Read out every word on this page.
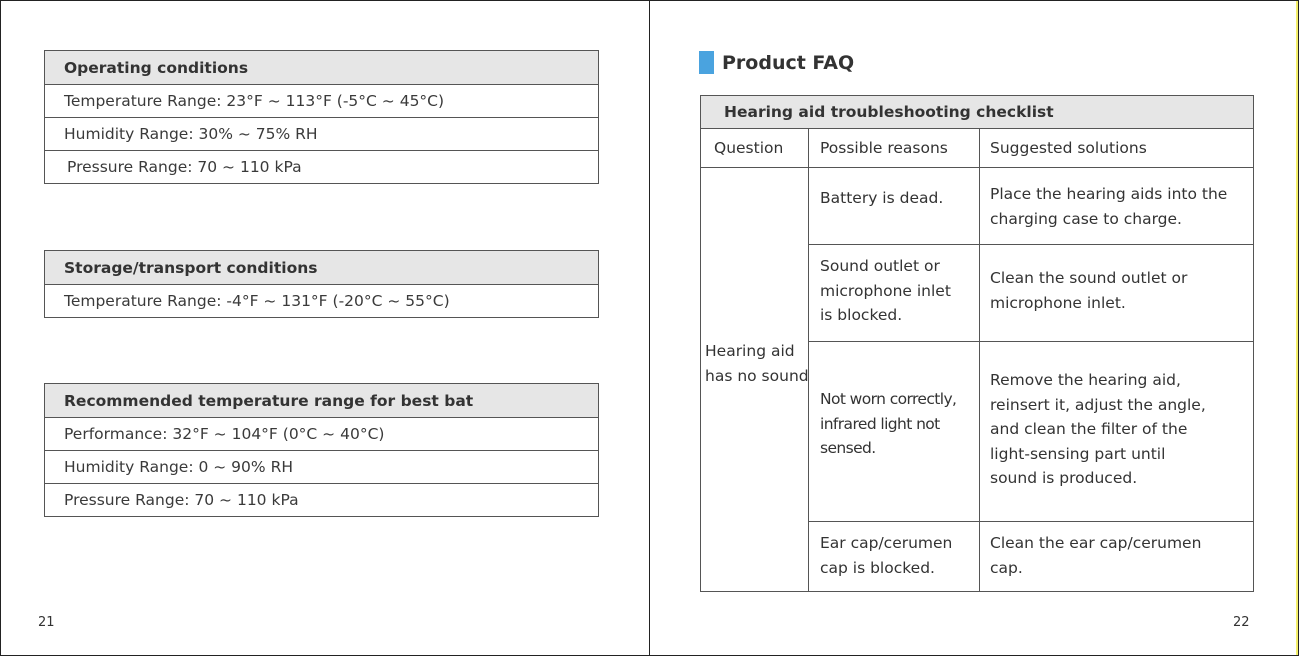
Operating conditions
Temperature Range: 23°F ~ 113°F (-5°C ~ 45°C)
Humidity Range: 30% ~ 75% RH
Pressure Range: 70 ~ 110 kPa
Storage/transport conditions
Temperature Range: -4°F ~ 131°F (-20°C ~ 55°C)
Recommended temperature range for best bat
Performance: 32°F ~ 104°F (0°C ~ 40°C)
Humidity Range: 0 ~ 90% RH
Pressure Range: 70 ~ 110 kPa
21
Product FAQ
Hearing aid troubleshooting checklist
Question Possible reasons	Suggested solutions
Hearing aid
has no sound
Battery is dead.	Place the hearing aids into the
charging case to charge.
Sound outlet or
microphone inlet
is blocked.
Clean the sound outlet or
microphone inlet.
Not worn correctly,
infrared light not
sensed.
Remove the hearing aid,
reinsert it, adjust the angle,
and clean the filter of the
light-sensing part until
sound is produced.
Ear cap/cerumen
cap is blocked.
Clean the ear cap/cerumen
cap.
22
